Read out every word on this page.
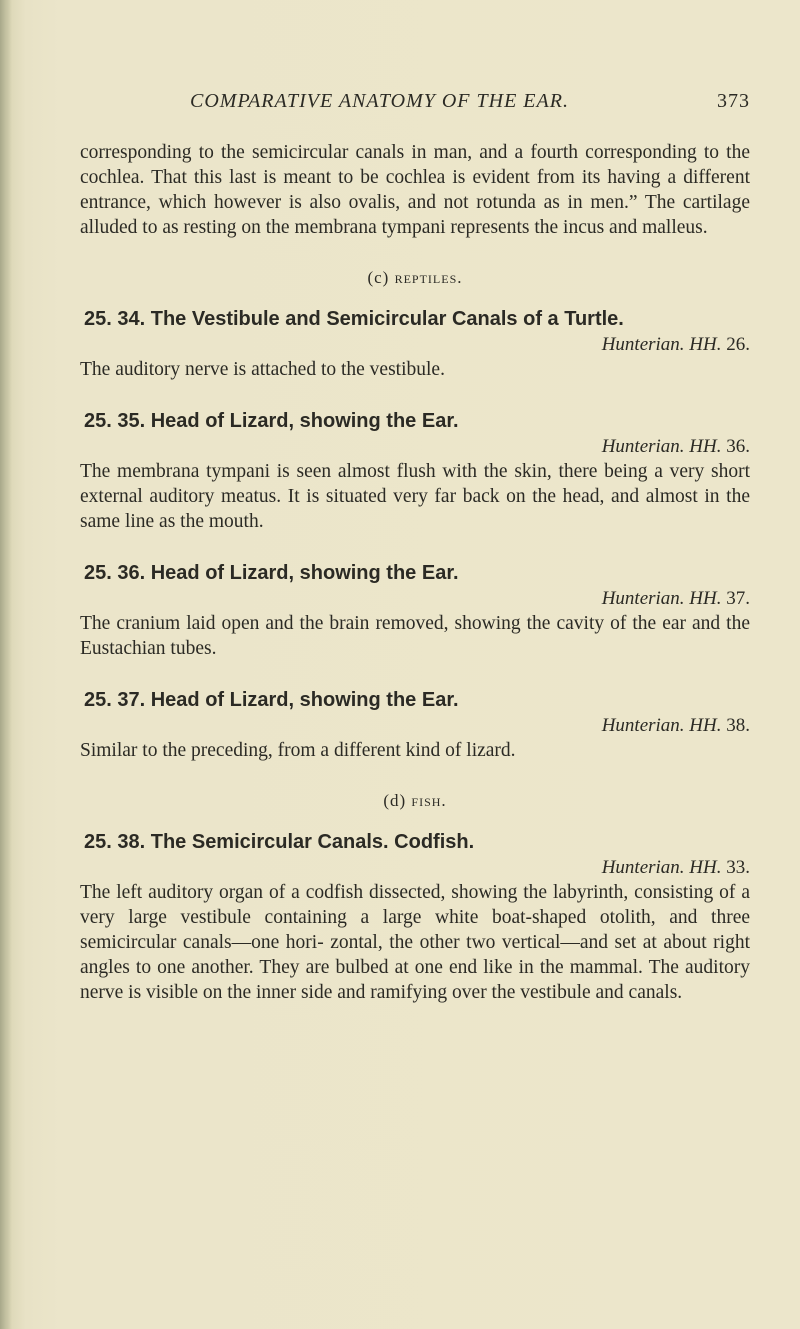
COMPARATIVE ANATOMY OF THE EAR.	373

corresponding to the semicircular canals in man, and a fourth corresponding to the cochlea. That this last is meant to be cochlea is evident from its having a different entrance, which however is also ovalis, and not rotunda as in men.” The cartilage alluded to as resting on the membrana tympani represents the incus and malleus.

(c) reptiles.
25. 34. The Vestibule and Semicircular Canals of a Turtle.
Hunterian. HH. 26.

The auditory nerve is attached to the vestibule.

25. 35. Head of Lizard, showing the Ear.
Hunterian. HH. 36.

The membrana tympani is seen almost flush with the skin, there being a very short external auditory meatus. It is situated very far back on the head, and almost in the same line as the mouth.

25. 36. Head of Lizard, showing the Ear.
Hunterian. HH. 37.

The cranium laid open and the brain removed, showing the cavity of the ear and the Eustachian tubes.

25. 37. Head of Lizard, showing the Ear.
Hunterian. HH. 38.

Similar to the preceding, from a different kind of lizard.

(d) fish.
25. 38. The Semicircular Canals. Codfish.
Hunterian. HH. 33.

The left auditory organ of a codfish dissected, showing the labyrinth, consisting of a very large vestibule containing a large white boat-shaped otolith, and three semicircular canals—one hori- zontal, the other two vertical—and set at about right angles to one another. They are bulbed at one end like in the mammal. The auditory nerve is visible on the inner side and ramifying over the vestibule and canals.
